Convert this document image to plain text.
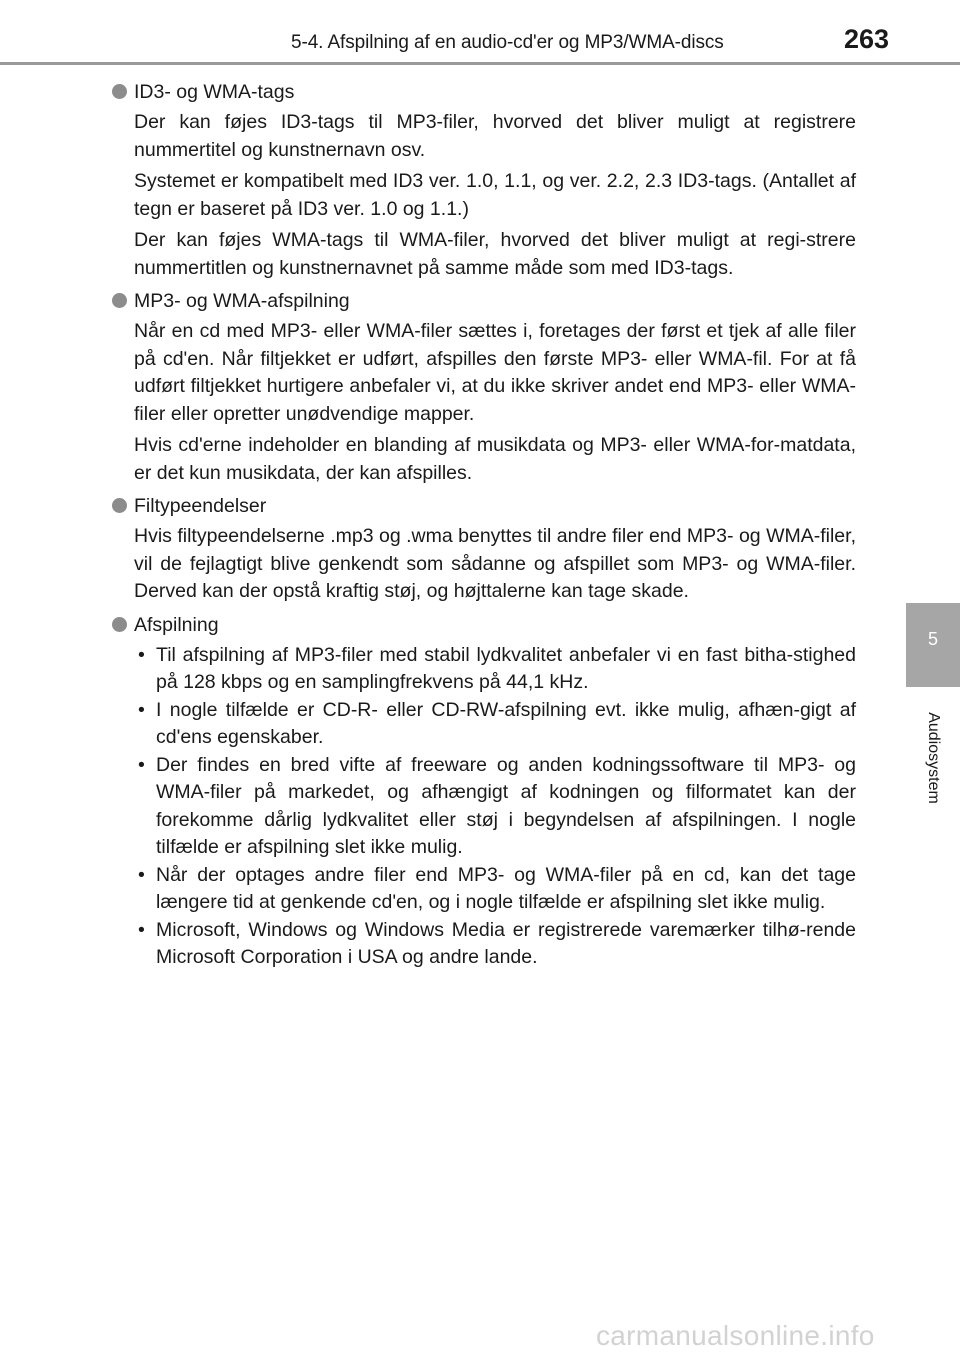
5-4. Afspilning af en audio-cd'er og MP3/WMA-discs	263
5
Audiosystem
ID3- og WMA-tags

Der kan føjes ID3-tags til MP3-filer, hvorved det bliver muligt at registrere nummertitel og kunstnernavn osv.

Systemet er kompatibelt med ID3 ver. 1.0, 1.1, og ver. 2.2, 2.3 ID3-tags. (Antallet af tegn er baseret på ID3 ver. 1.0 og 1.1.)

Der kan føjes WMA-tags til WMA-filer, hvorved det bliver muligt at regi-strere nummertitlen og kunstnernavnet på samme måde som med ID3-tags.

MP3- og WMA-afspilning

Når en cd med MP3- eller WMA-filer sættes i, foretages der først et tjek af alle filer på cd'en. Når filtjekket er udført, afspilles den første MP3- eller WMA-fil. For at få udført filtjekket hurtigere anbefaler vi, at du ikke skriver andet end MP3- eller WMA-filer eller opretter unødvendige mapper.

Hvis cd'erne indeholder en blanding af musikdata og MP3- eller WMA-for-matdata, er det kun musikdata, der kan afspilles.

Filtypeendelser

Hvis filtypeendelserne .mp3 og .wma benyttes til andre filer end MP3- og WMA-filer, vil de fejlagtigt blive genkendt som sådanne og afspillet som MP3- og WMA-filer. Derved kan der opstå kraftig støj, og højttalerne kan tage skade.

Afspilning
• Til afspilning af MP3-filer med stabil lydkvalitet anbefaler vi en fast bitha-stighed på 128 kbps og en samplingfrekvens på 44,1 kHz.
• I nogle tilfælde er CD-R- eller CD-RW-afspilning evt. ikke mulig, afhæn-gigt af cd'ens egenskaber.
• Der findes en bred vifte af freeware og anden kodningssoftware til MP3- og WMA-filer på markedet, og afhængigt af kodningen og filformatet kan der forekomme dårlig lydkvalitet eller støj i begyndelsen af afspilningen. I nogle tilfælde er afspilning slet ikke mulig.
• Når der optages andre filer end MP3- og WMA-filer på en cd, kan det tage længere tid at genkende cd'en, og i nogle tilfælde er afspilning slet ikke mulig.
• Microsoft, Windows og Windows Media er registrerede varemærker tilhø-rende Microsoft Corporation i USA og andre lande.
carmanualsonline.info
